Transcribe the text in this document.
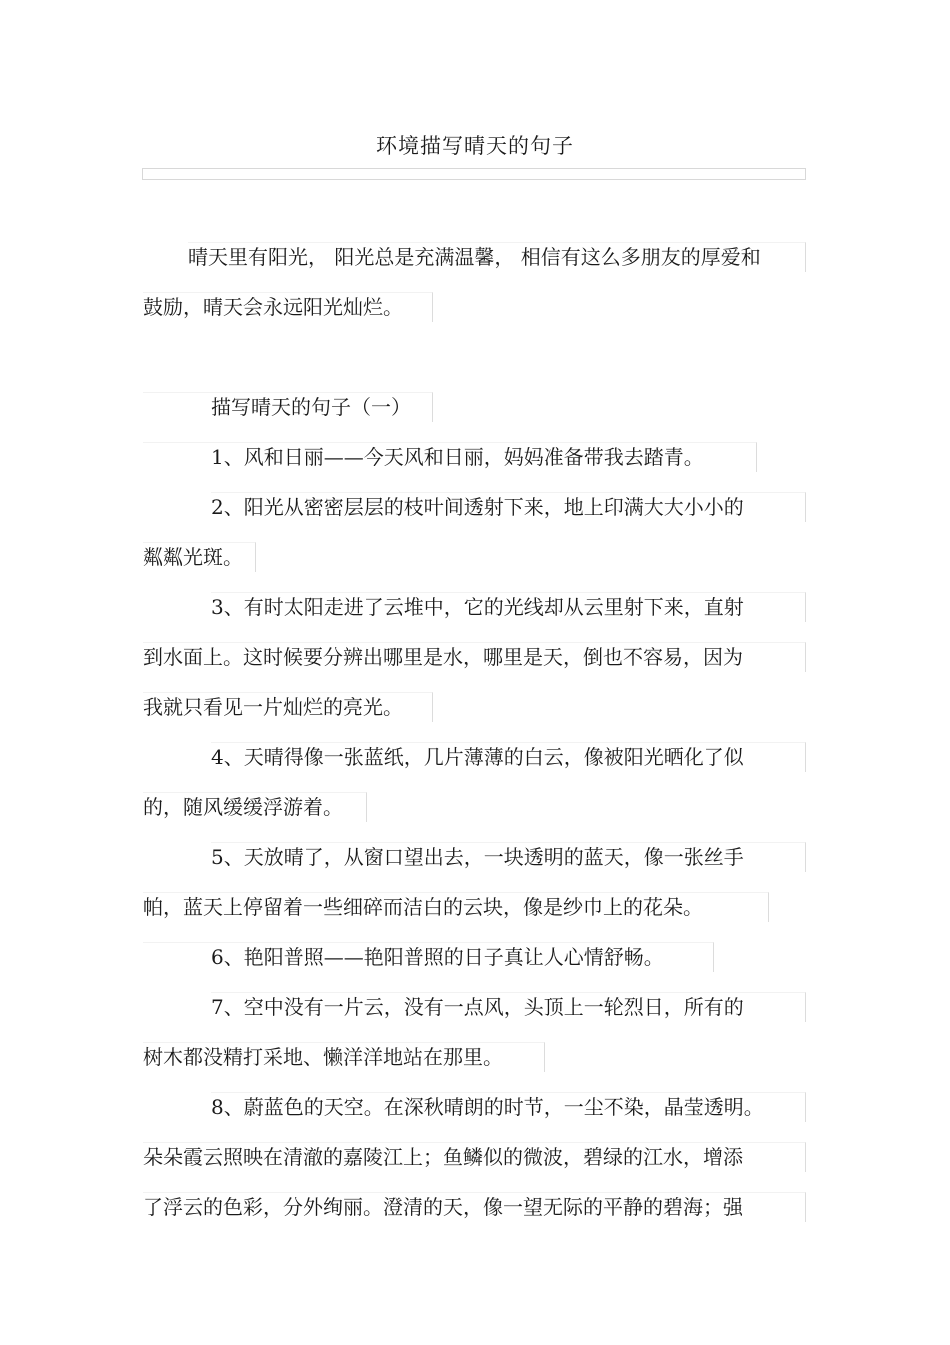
环境描写晴天的句子
晴天里有阳光， 阳光总是充满温馨， 相信有这么多朋友的厚爱和
鼓励，晴天会永远阳光灿烂。
描写晴天的句子（一）
1、风和日丽——今天风和日丽，妈妈准备带我去踏青。
2、阳光从密密层层的枝叶间透射下来，地上印满大大小小的
粼粼光斑。
3、有时太阳走进了云堆中，它的光线却从云里射下来，直射
到水面上。这时候要分辨出哪里是水，哪里是天，倒也不容易，因为
我就只看见一片灿烂的亮光。
4、天晴得像一张蓝纸，几片薄薄的白云，像被阳光晒化了似
的，随风缓缓浮游着。
5、天放晴了，从窗口望出去，一块透明的蓝天，像一张丝手
帕，蓝天上停留着一些细碎而洁白的云块，像是纱巾上的花朵。
6、艳阳普照——艳阳普照的日子真让人心情舒畅。
7、空中没有一片云，没有一点风，头顶上一轮烈日，所有的
树木都没精打采地、懒洋洋地站在那里。
8、蔚蓝色的天空。在深秋晴朗的时节，一尘不染，晶莹透明。
朵朵霞云照映在清澈的嘉陵江上；鱼鳞似的微波，碧绿的江水，增添
了浮云的色彩，分外绚丽。澄清的天，像一望无际的平静的碧海；强
